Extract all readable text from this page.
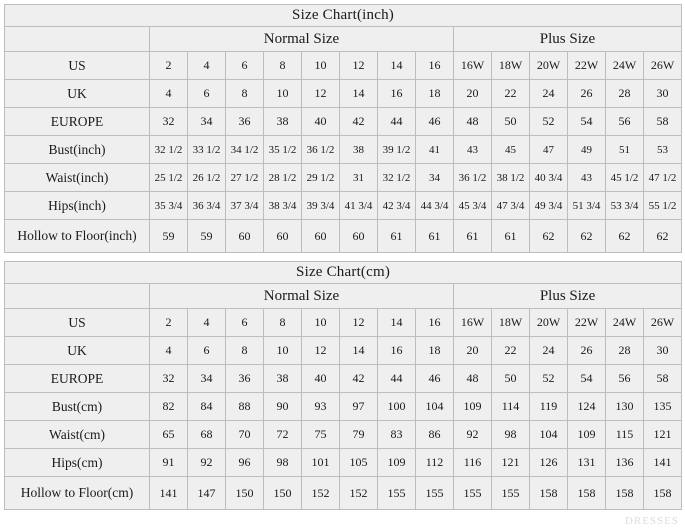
Size Chart(inch)														
	Normal Size								Plus Size					
US	2	4	6	8	10	12	14	16	16W	18W	20W	22W	24W	26W
UK	4	6	8	10	12	14	16	18	20	22	24	26	28	30
EUROPE	32	34	36	38	40	42	44	46	48	50	52	54	56	58
Bust(inch)	32 1/2	33 1/2	34 1/2	35 1/2	36 1/2	38	39 1/2	41	43	45	47	49	51	53
Waist(inch)	25 1/2	26 1/2	27 1/2	28 1/2	29 1/2	31	32 1/2	34	36 1/2	38 1/2	40 3/4	43	45 1/2	47 1/2
Hips(inch)	35 3/4	36 3/4	37 3/4	38 3/4	39 3/4	41 3/4	42 3/4	44 3/4	45 3/4	47 3/4	49 3/4	51 3/4	53 3/4	55 1/2
Hollow to Floor(inch)	59	59	60	60	60	60	61	61	61	61	62	62	62	62
Size Chart(cm)														
	Normal Size								Plus Size					
US	2	4	6	8	10	12	14	16	16W	18W	20W	22W	24W	26W
UK	4	6	8	10	12	14	16	18	20	22	24	26	28	30
EUROPE	32	34	36	38	40	42	44	46	48	50	52	54	56	58
Bust(cm)	82	84	88	90	93	97	100	104	109	114	119	124	130	135
Waist(cm)	65	68	70	72	75	79	83	86	92	98	104	109	115	121
Hips(cm)	91	92	96	98	101	105	109	112	116	121	126	131	136	141
Hollow to Floor(cm)	141	147	150	150	152	152	155	155	155	155	158	158	158	158
DRESSES
